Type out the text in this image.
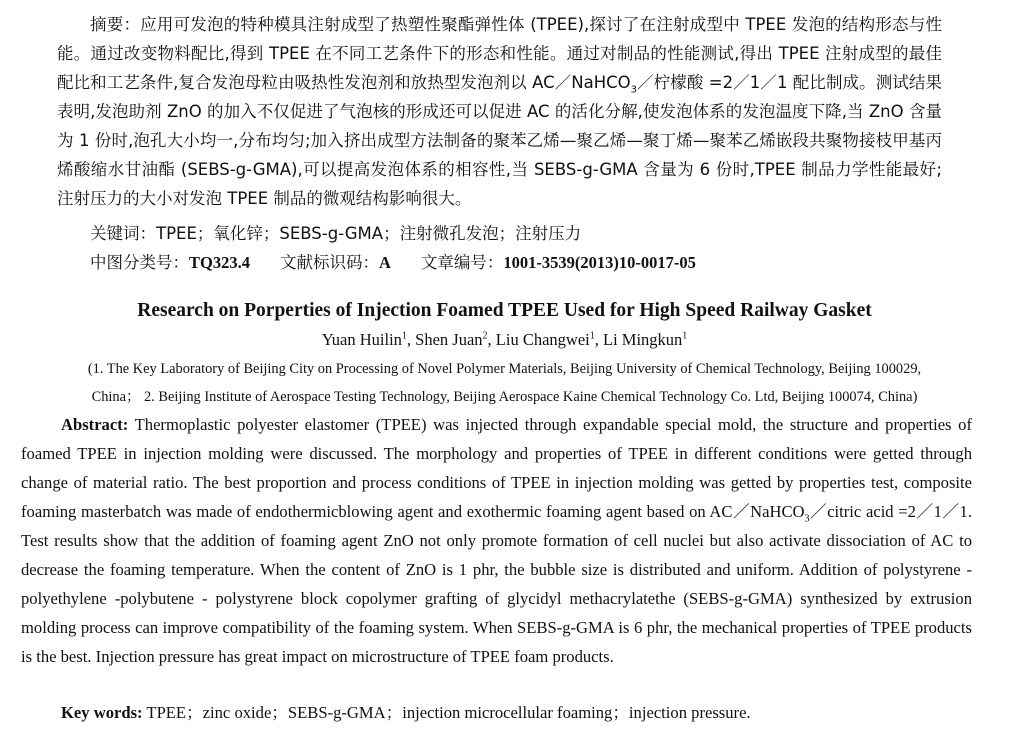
摘要：应用可发泡的特种模具注射成型了热塑性聚酯弹性体 (TPEE),探讨了在注射成型中 TPEE 发泡的结构形态与性能。通过改变物料配比,得到 TPEE 在不同工艺条件下的形态和性能。通过对制品的性能测试,得出 TPEE 注射成型的最佳配比和工艺条件,复合发泡母粒由吸热性发泡剂和放热型发泡剂以 AC／NaHCO$_3$／柠檬酸 =2／1／1 配比制成。测试结果表明,发泡助剂 ZnO 的加入不仅促进了气泡核的形成还可以促进 AC 的活化分解,使发泡体系的发泡温度下降,当 ZnO 含量为 1 份时,泡孔大小均一,分布均匀;加入挤出成型方法制备的聚苯乙烯—聚乙烯—聚丁烯—聚苯乙烯嵌段共聚物接枝甲基丙烯酸缩水甘油酯 (SEBS-g-GMA),可以提高发泡体系的相容性,当 SEBS-g-GMA 含量为 6 份时,TPEE 制品力学性能最好;注射压力的大小对发泡 TPEE 制品的微观结构影响很大。

关键词：TPEE；氧化锌；SEBS-g-GMA；注射微孔发泡；注射压力
中图分类号：TQ323.4 文献标识码：A 文章编号：1001-3539(2013)10-0017-05
Research on Porperties of Injection Foamed TPEE Used for High Speed Railway Gasket
Yuan Huilin$^1$, Shen Juan$^2$, Liu Changwei$^1$, Li Mingkun$^1$
(1. The Key Laboratory of Beijing City on Processing of Novel Polymer Materials, Beijing University of Chemical Technology, Beijing 100029,
China； 2. Beijing Institute of Aerospace Testing Technology, Beijing Aerospace Kaine Chemical Technology Co. Ltd, Beijing 100074, China)

Abstract: Thermoplastic polyester elastomer (TPEE) was injected through expandable special mold, the structure and properties of foamed TPEE in injection molding were discussed. The morphology and properties of TPEE in different conditions were getted through change of material ratio. The best proportion and process conditions of TPEE in injection molding was getted by properties test, composite foaming masterbatch was made of endothermicblowing agent and exothermic foaming agent based on AC／NaHCO$_3$／citric acid =2／1／1. Test results show that the addition of foaming agent ZnO not only promote formation of cell nuclei but also activate dissociation of AC to decrease the foaming temperature. When the content of ZnO is 1 phr, the bubble size is distributed and uniform. Addition of polystyrene - polyethylene -polybutene - polystyrene block copolymer grafting of glycidyl methacrylatethe (SEBS-g-GMA) synthesized by extrusion molding process can improve compatibility of the foaming system. When SEBS-g-GMA is 6 phr, the mechanical properties of TPEE products is the best. Injection pressure has great impact on microstructure of TPEE foam products.

Key words: TPEE；zinc oxide；SEBS-g-GMA；injection microcellular foaming；injection pressure.
